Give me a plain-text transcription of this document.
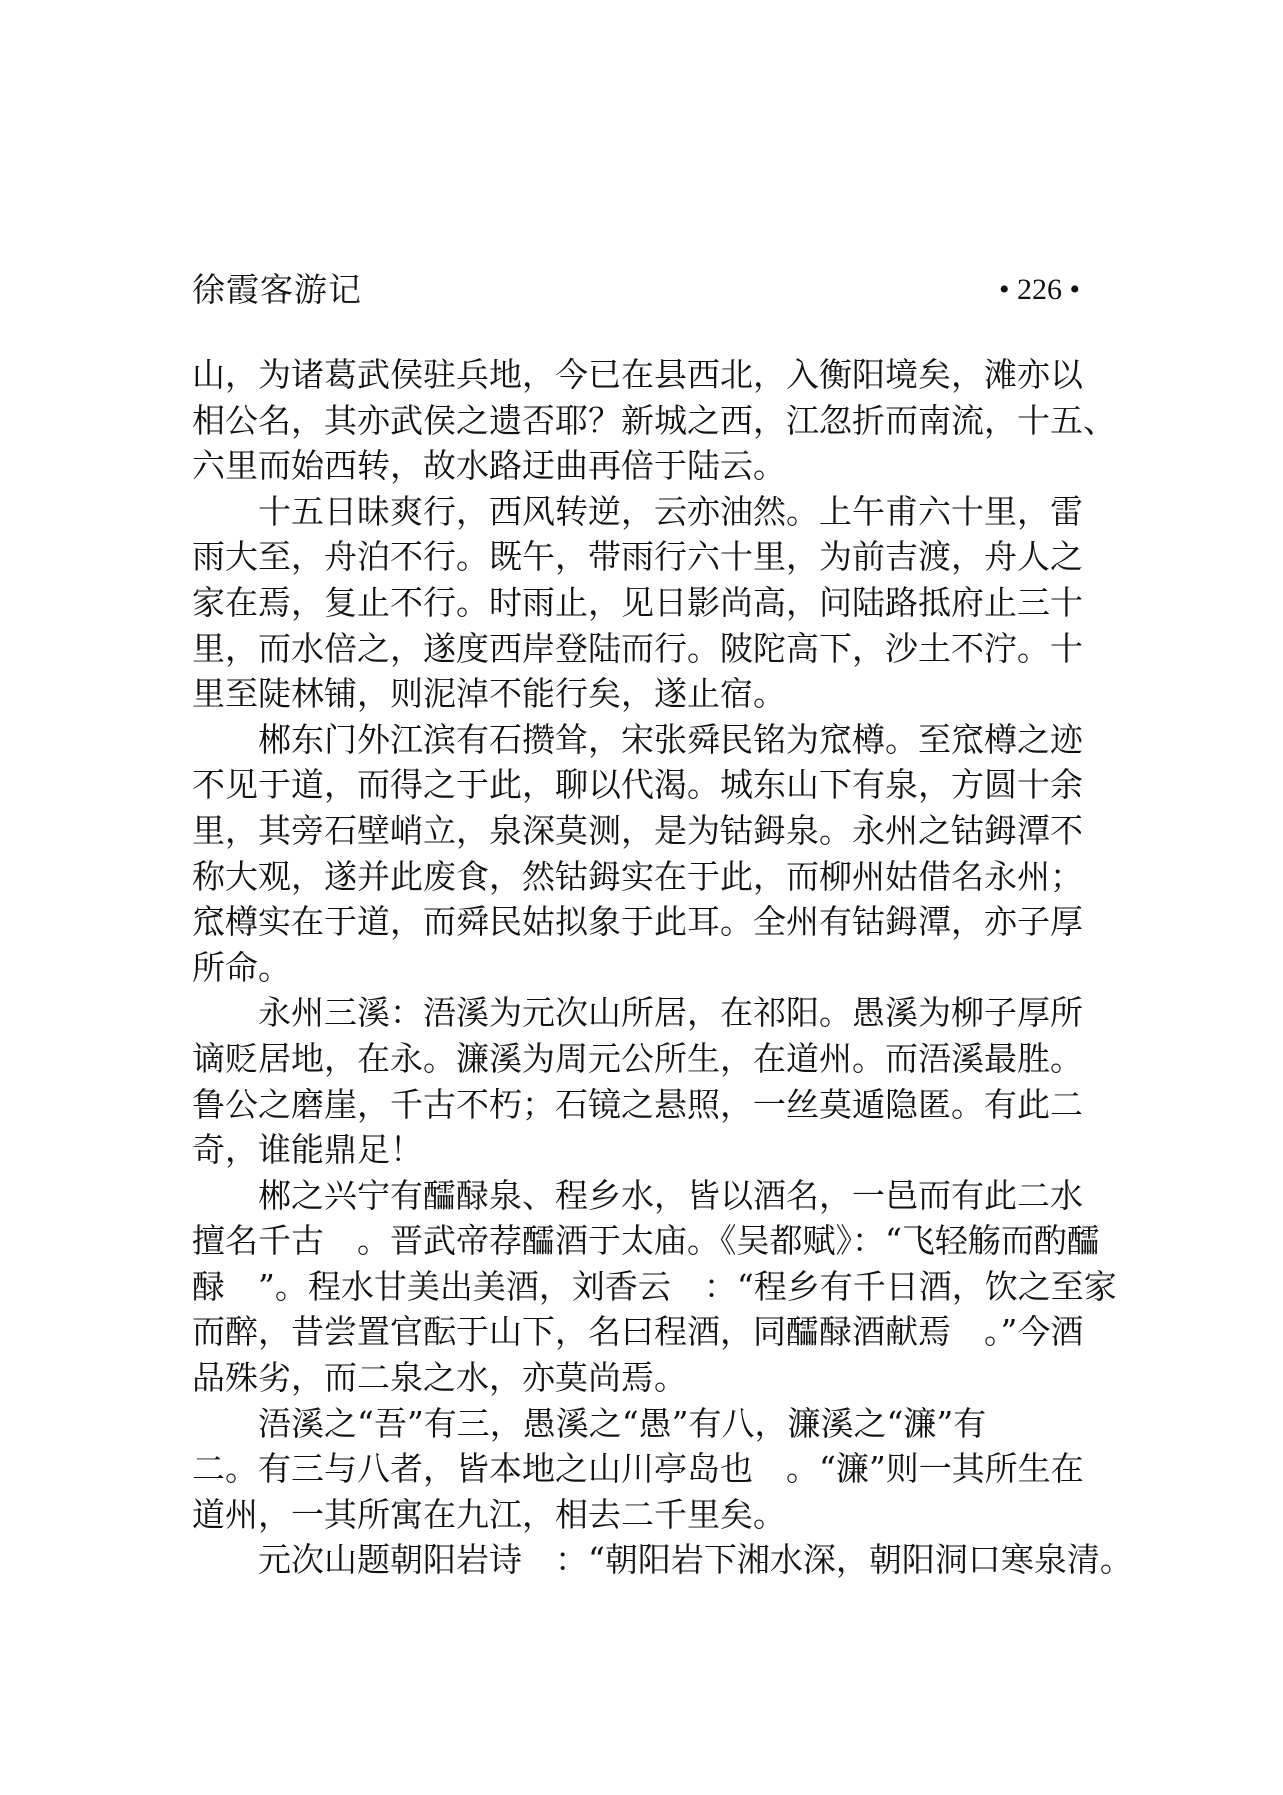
徐霞客游记	• 226 •

山，为诸葛武侯驻兵地，今已在县西北，入衡阳境矣，滩亦以

相公名，其亦武侯之遗否耶？新城之西，江忽折而南流，十五、

六里而始西转，故水路迂曲再倍于陆云。

十五日昧爽行，西风转逆，云亦油然。上午甫六十里，雷

雨大至，舟泊不行。既午，带雨行六十里，为前吉渡，舟人之

家在焉，复止不行。时雨止，见日影尚高，问陆路抵府止三十

里，而水倍之，遂度西岸登陆而行。陂陀高下，沙土不泞。十

里至陡林铺，则泥淖不能行矣，遂止宿。

郴东门外江滨有石攒耸，宋张舜民铭为窊樽。至窊樽之迹

不见于道，而得之于此，聊以代渴。城东山下有泉，方圆十余

里，其旁石壁峭立，泉深莫测，是为钴鉧泉。永州之钴鉧潭不

称大观，遂并此废食，然钴鉧实在于此，而柳州姑借名永州；

窊樽实在于道，而舜民姑拟象于此耳。全州有钴鉧潭，亦子厚

所命。

永州三溪：浯溪为元次山所居，在祁阳。愚溪为柳子厚所

谪贬居地，在永。濂溪为周元公所生，在道州。而浯溪最胜。

鲁公之磨崖，千古不朽；石镜之悬照，一丝莫遁隐匿。有此二

奇，谁能鼎足！

郴之兴宁有醽醁泉、程乡水，皆以酒名，一邑而有此二水

擅名千古　。晋武帝荐醽酒于太庙。《吴都赋》：“飞轻觞而酌醽

醁　”。程水甘美出美酒，刘香云　：“程乡有千日酒，饮之至家

而醉，昔尝置官酝于山下，名曰程酒，同醽醁酒献焉　。”今酒

品殊劣，而二泉之水，亦莫尚焉。

浯溪之“吾”有三，愚溪之“愚”有八，濂溪之“濂”有

二。有三与八者，皆本地之山川亭岛也　。“濂”则一其所生在

道州，一其所寓在九江，相去二千里矣。

元次山题朝阳岩诗　：“朝阳岩下湘水深，朝阳洞口寒泉清。
